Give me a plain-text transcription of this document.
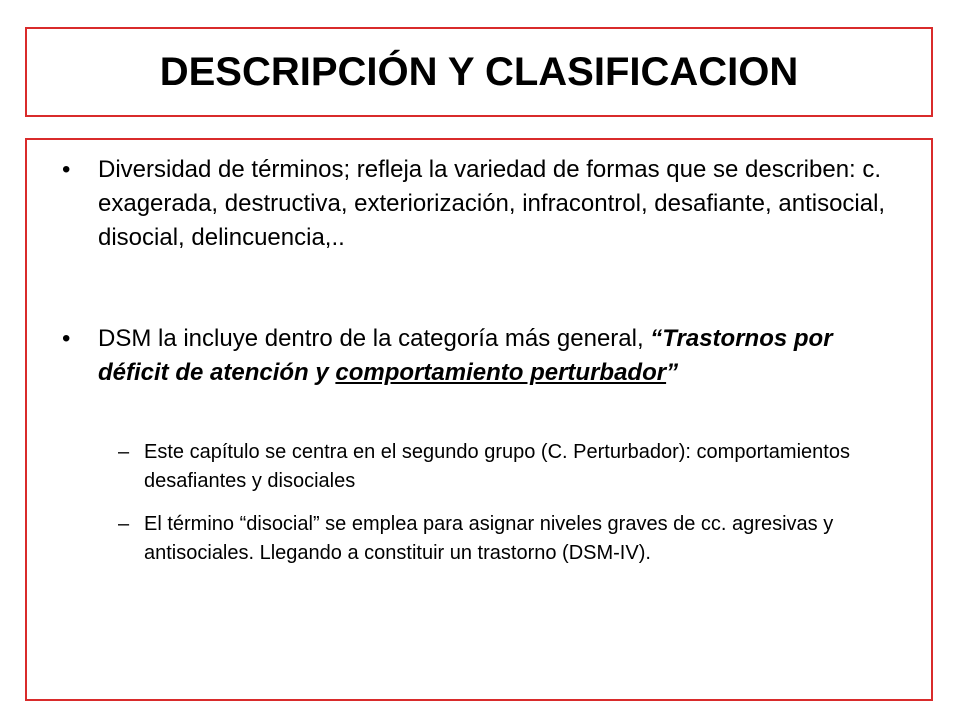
DESCRIPCIÓN Y CLASIFICACION
• Diversidad de términos; refleja la variedad de formas que se describen: c. exagerada, destructiva, exteriorización, infracontrol, desafiante, antisocial, disocial, delincuencia,..
• DSM la incluye dentro de la categoría más general, “Trastornos por déficit de atención y comportamiento perturbador”
– Este capítulo se centra en el segundo grupo (C. Perturbador): comportamientos desafiantes y disociales
– El término “disocial” se emplea para asignar niveles graves de cc. agresivas y antisociales. Llegando a constituir un trastorno (DSM-IV).
